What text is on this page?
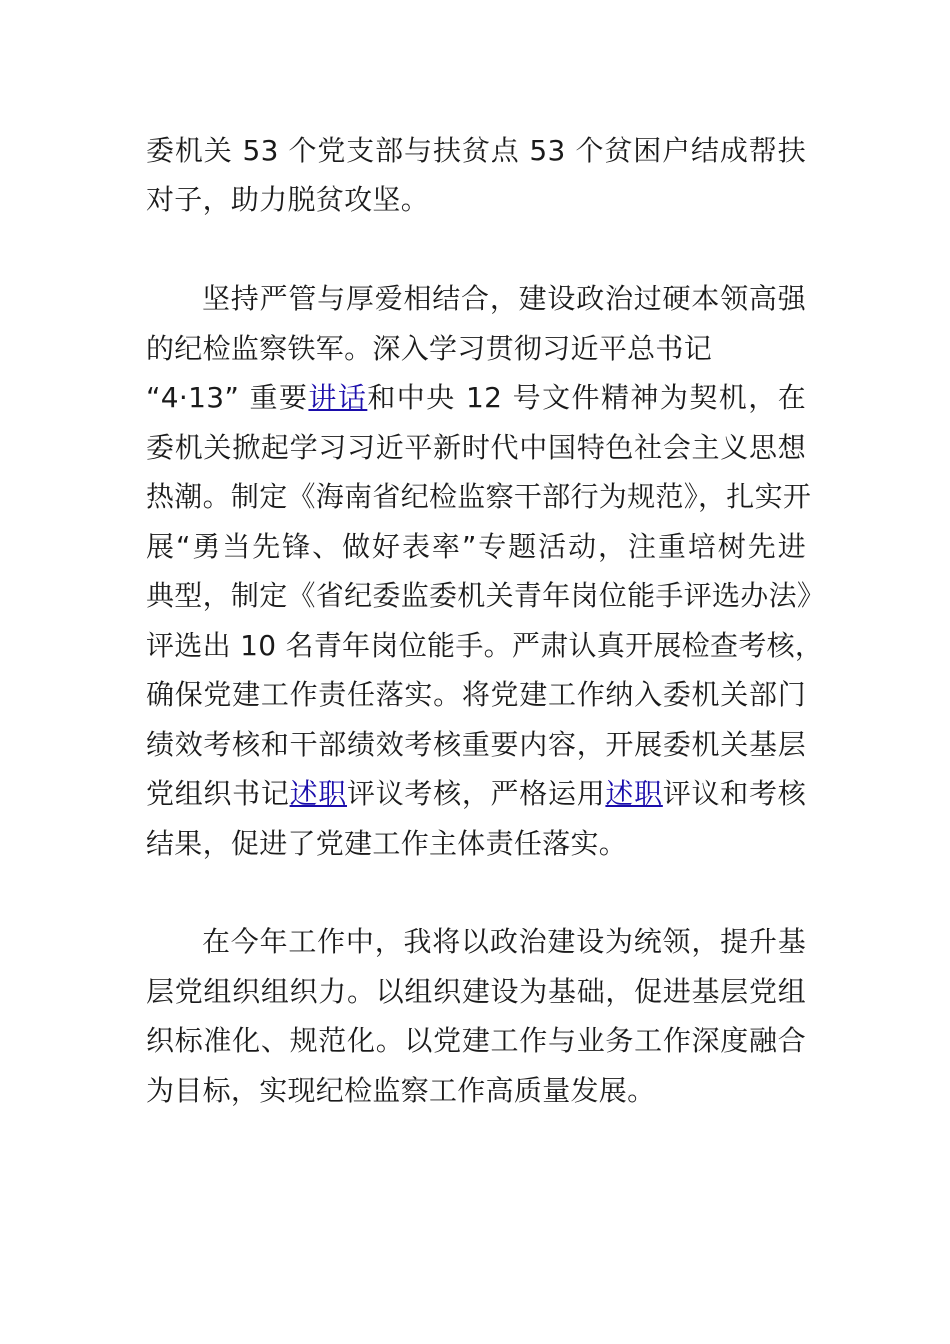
委机关 53 个党支部与扶贫点 53 个贫困户结成帮扶
对子，助力脱贫攻坚。
坚持严管与厚爱相结合，建设政治过硬本领高强
的纪检监察铁军。深入学习贯彻习近平总书记
“4·13” 重要讲话和中央 12 号文件精神为契机，在
委机关掀起学习习近平新时代中国特色社会主义思想
热潮。制定《海南省纪检监察干部行为规范》，扎实开
展“勇当先锋、做好表率”专题活动，注重培树先进
典型，制定《省纪委监委机关青年岗位能手评选办法》
评选出 10 名青年岗位能手。严肃认真开展检查考核，
确保党建工作责任落实。将党建工作纳入委机关部门
绩效考核和干部绩效考核重要内容，开展委机关基层
党组织书记述职评议考核，严格运用述职评议和考核
结果，促进了党建工作主体责任落实。
在今年工作中，我将以政治建设为统领，提升基
层党组织组织力。以组织建设为基础，促进基层党组
织标准化、规范化。以党建工作与业务工作深度融合
为目标，实现纪检监察工作高质量发展。
